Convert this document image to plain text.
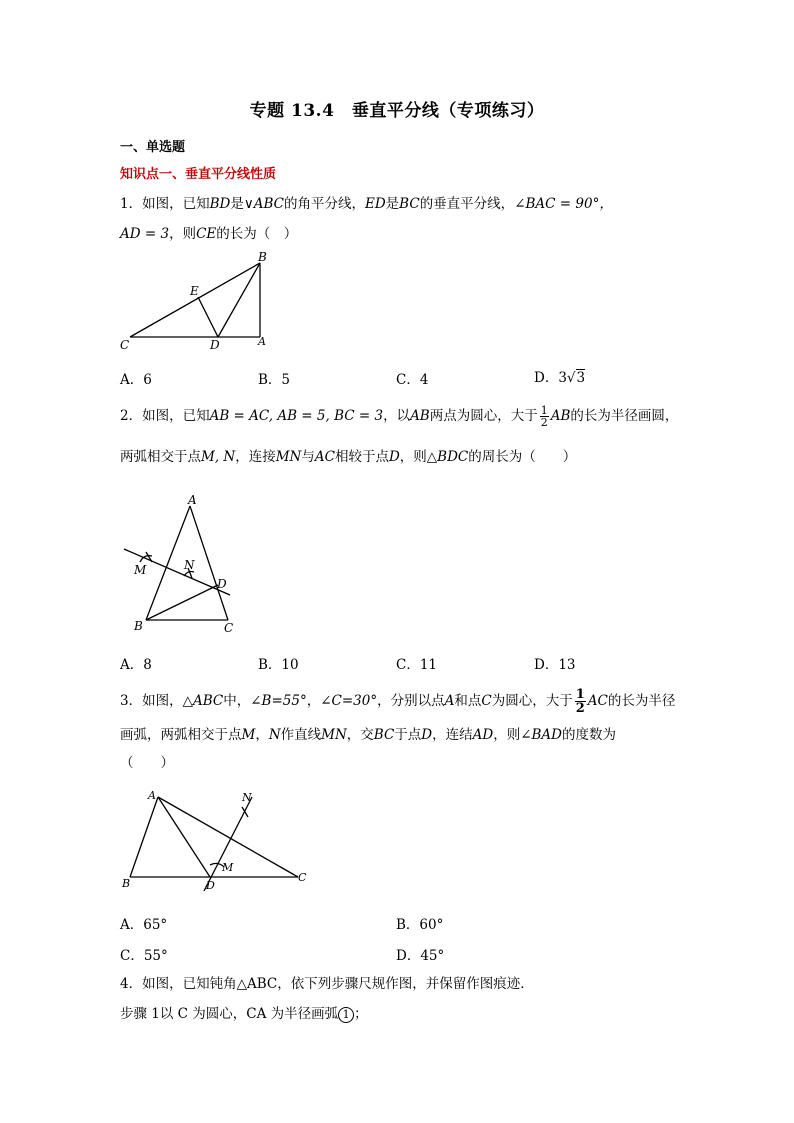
专题 13.4　垂直平分线（专项练习）
一、单选题
知识点一、垂直平分线性质
1．如图，已知BD是∨ABC的角平分线，ED是BC的垂直平分线，∠BAC = 90°，
AD = 3，则CE的长为（　）
B
E
C	D	A
A．6	B．5	C．4	D．3√3
2．如图，已知AB = AC, AB = 5, BC = 3，以AB两点为圆心，大于 $\frac{1}{2}$ AB的长为半径画圆，
两弧相交于点M, N，连接MN与AC相较于点D，则△BDC的周长为（　　）
A
M	N
D
B	C
A．8	B．10	C．11	D．13
3．如图，△ABC中，∠B=55°，∠C=30°，分别以点A和点C为圆心，大于 $\frac{1}{2}$ AC的长为半径
画弧，两弧相交于点M，N作直线MN，交BC于点D，连结AD，则∠BAD的度数为
（　　）
A	N
M
B	D
C
A．65°	B．60°
C．55°	D．45°
4．如图，已知钝角△ABC，依下列步骤尺规作图，并保留作图痕迹．
步骤 1以 C 为圆心，CA 为半径画弧 1 ；
